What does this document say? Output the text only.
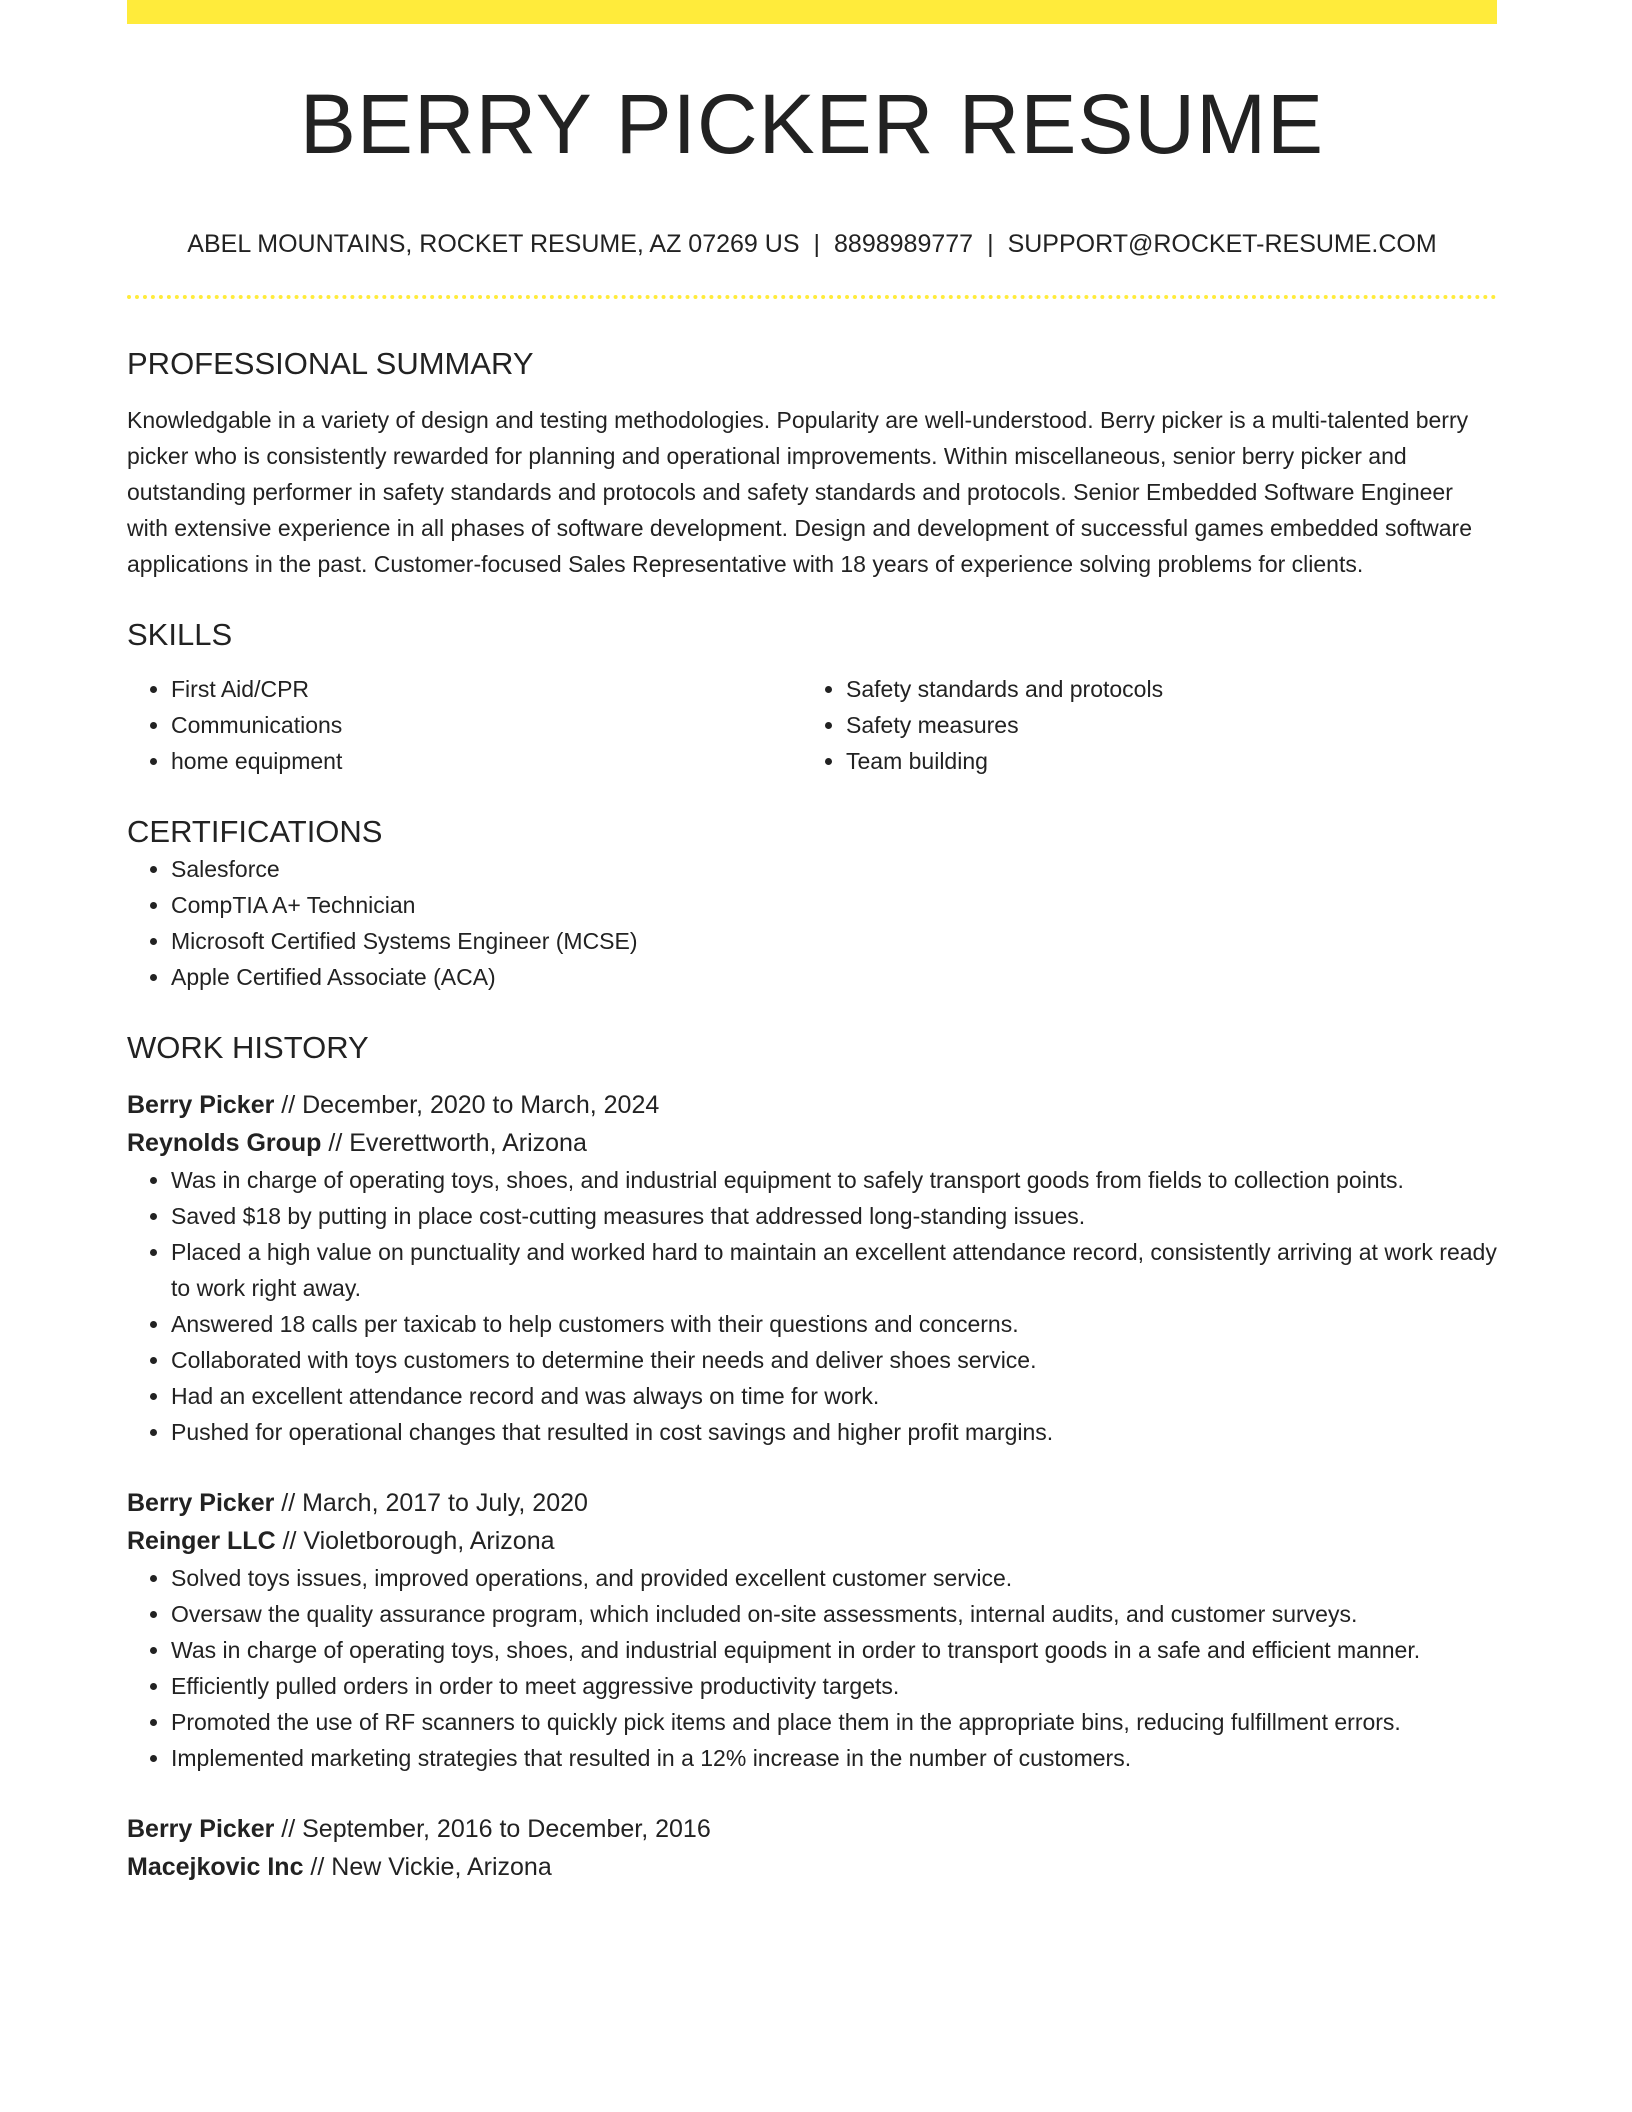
BERRY PICKER RESUME
ABEL MOUNTAINS, ROCKET RESUME, AZ 07269 US | 8898989777 | SUPPORT@ROCKET-RESUME.COM
PROFESSIONAL SUMMARY

Knowledgable in a variety of design and testing methodologies. Popularity are well-understood. Berry picker is a multi-talented berry picker who is consistently rewarded for planning and operational improvements. Within miscellaneous, senior berry picker and outstanding performer in safety standards and protocols and safety standards and protocols. Senior Embedded Software Engineer with extensive experience in all phases of software development. Design and development of successful games embedded software applications in the past. Customer-focused Sales Representative with 18 years of experience solving problems for clients.

SKILLS
• First Aid/CPR
• Communications
• home equipment
• Safety standards and protocols
• Safety measures
• Team building
CERTIFICATIONS
• Salesforce
• CompTIA A+ Technician
• Microsoft Certified Systems Engineer (MCSE)
• Apple Certified Associate (ACA)
WORK HISTORY

Berry Picker // December, 2020 to March, 2024

Reynolds Group // Everettworth, Arizona

• Was in charge of operating toys, shoes, and industrial equipment to safely transport goods from fields to collection points.
• Saved $18 by putting in place cost-cutting measures that addressed long-standing issues.
• Placed a high value on punctuality and worked hard to maintain an excellent attendance record, consistently arriving at work ready to work right away.
• Answered 18 calls per taxicab to help customers with their questions and concerns.
• Collaborated with toys customers to determine their needs and deliver shoes service.
• Had an excellent attendance record and was always on time for work.
• Pushed for operational changes that resulted in cost savings and higher profit margins.

Berry Picker // March, 2017 to July, 2020

Reinger LLC // Violetborough, Arizona

• Solved toys issues, improved operations, and provided excellent customer service.
• Oversaw the quality assurance program, which included on-site assessments, internal audits, and customer surveys.
• Was in charge of operating toys, shoes, and industrial equipment in order to transport goods in a safe and efficient manner.
• Efficiently pulled orders in order to meet aggressive productivity targets.
• Promoted the use of RF scanners to quickly pick items and place them in the appropriate bins, reducing fulfillment errors.
• Implemented marketing strategies that resulted in a 12% increase in the number of customers.

Berry Picker // September, 2016 to December, 2016

Macejkovic Inc // New Vickie, Arizona
